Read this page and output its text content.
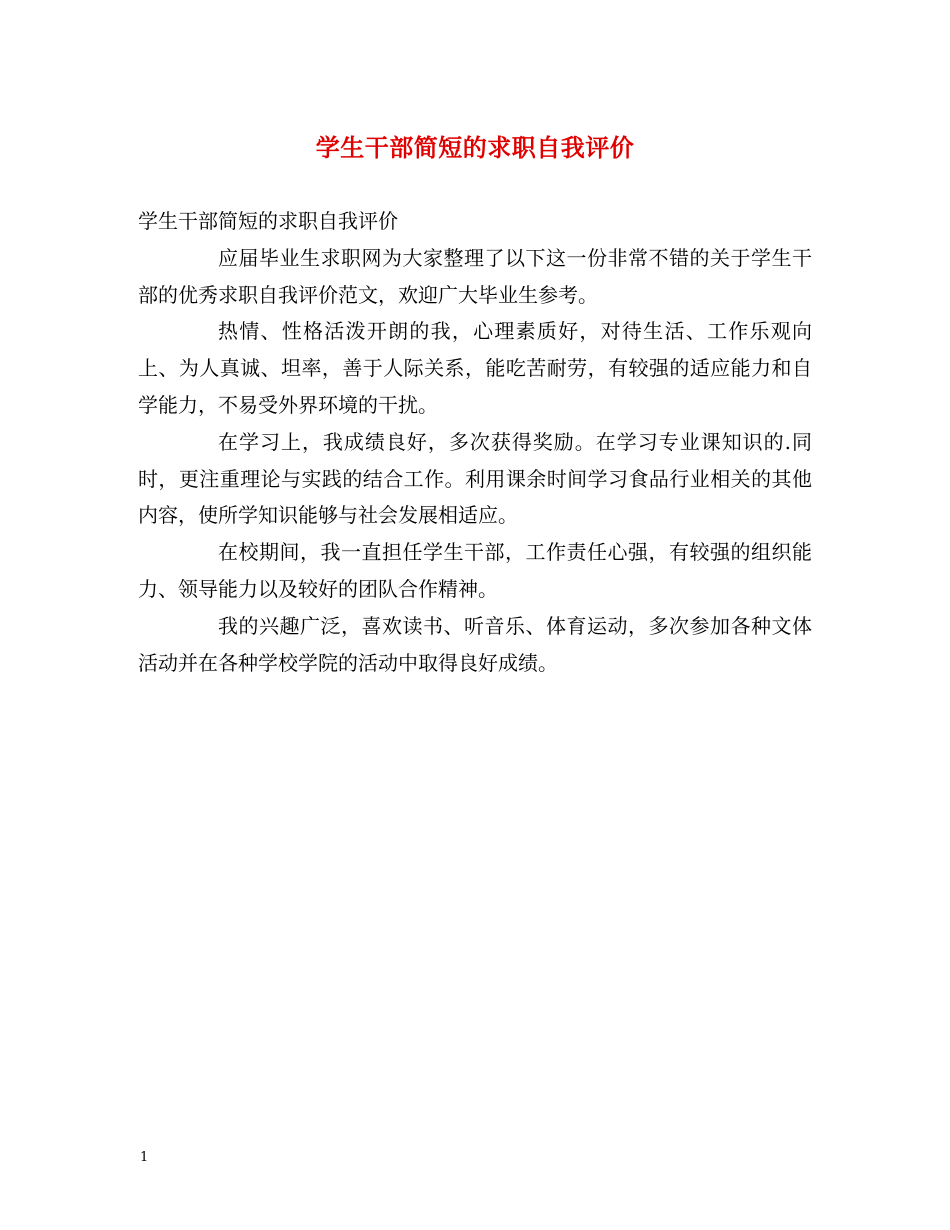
学生干部简短的求职自我评价

学生干部简短的求职自我评价

应届毕业生求职网为大家整理了以下这一份非常不错的关于学生干部的优秀求职自我评价范文，欢迎广大毕业生参考。

热情、性格活泼开朗的我，心理素质好，对待生活、工作乐观向上、为人真诚、坦率，善于人际关系，能吃苦耐劳，有较强的适应能力和自学能力，不易受外界环境的干扰。

在学习上，我成绩良好，多次获得奖励。在学习专业课知识的.同时，更注重理论与实践的结合工作。利用课余时间学习食品行业相关的其他内容，使所学知识能够与社会发展相适应。

在校期间，我一直担任学生干部，工作责任心强，有较强的组织能力、领导能力以及较好的团队合作精神。

我的兴趣广泛，喜欢读书、听音乐、体育运动，多次参加各种文体活动并在各种学校学院的活动中取得良好成绩。

1
